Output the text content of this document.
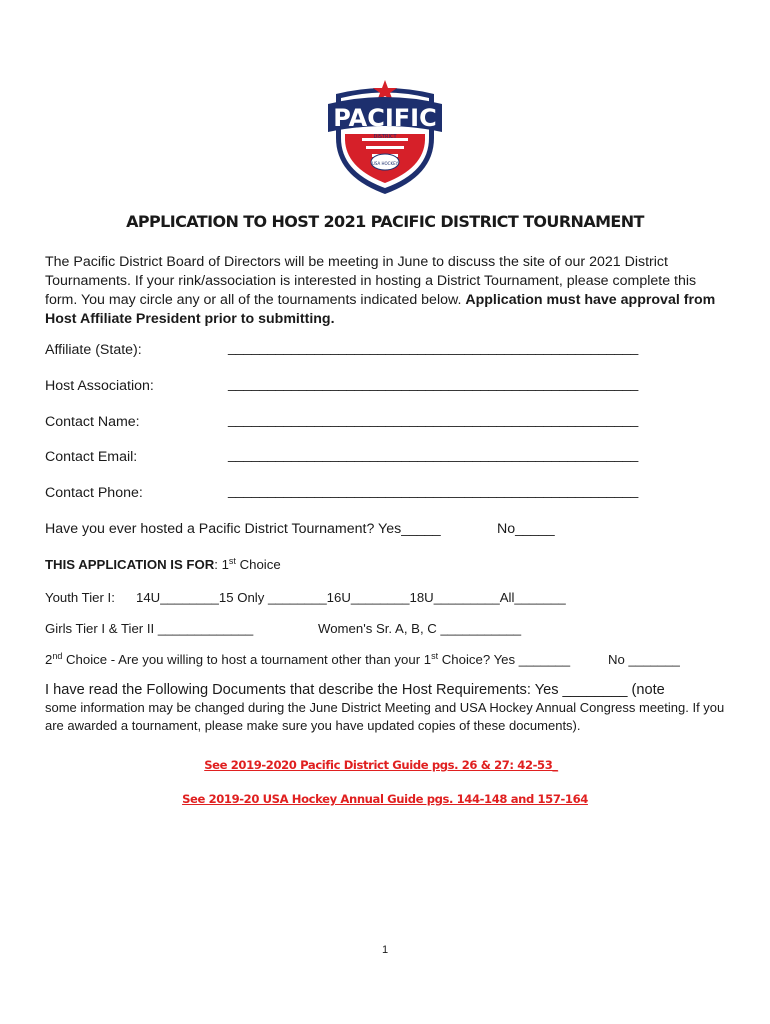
PACIFIC
DISTRICT
USA HOCKEY
APPLICATION TO HOST 2021 PACIFIC DISTRICT TOURNAMENT
The Pacific District Board of Directors will be meeting in June to discuss the site of our 2021 District Tournaments. If your rink/association is interested in hosting a District Tournament, please complete this form. You may circle any or all of the tournaments indicated below. Application must have approval from Host Affiliate President prior to submitting.
Affiliate (State):	____________________________________________________
Host Association:	____________________________________________________
Contact Name:	____________________________________________________
Contact Email:	____________________________________________________
Contact Phone:	____________________________________________________
Have you ever hosted a Pacific District Tournament? Yes_____	No_____
THIS APPLICATION IS FOR: 1st Choice
Youth Tier I: 14U________15 Only ________16U________18U_________All_______
Girls Tier I & Tier II _____________	Women's Sr. A, B, C ___________
2nd Choice - Are you willing to host a tournament other than your 1st Choice? Yes _______	No _______
I have read the Following Documents that describe the Host Requirements: Yes ________ (note
some information may be changed during the June District Meeting and USA Hockey Annual Congress meeting. If you are awarded a tournament, please make sure you have updated copies of these documents).
See 2019-2020 Pacific District Guide pgs. 26 & 27: 42-53_
See 2019-20 USA Hockey Annual Guide pgs. 144-148 and 157-164
1
